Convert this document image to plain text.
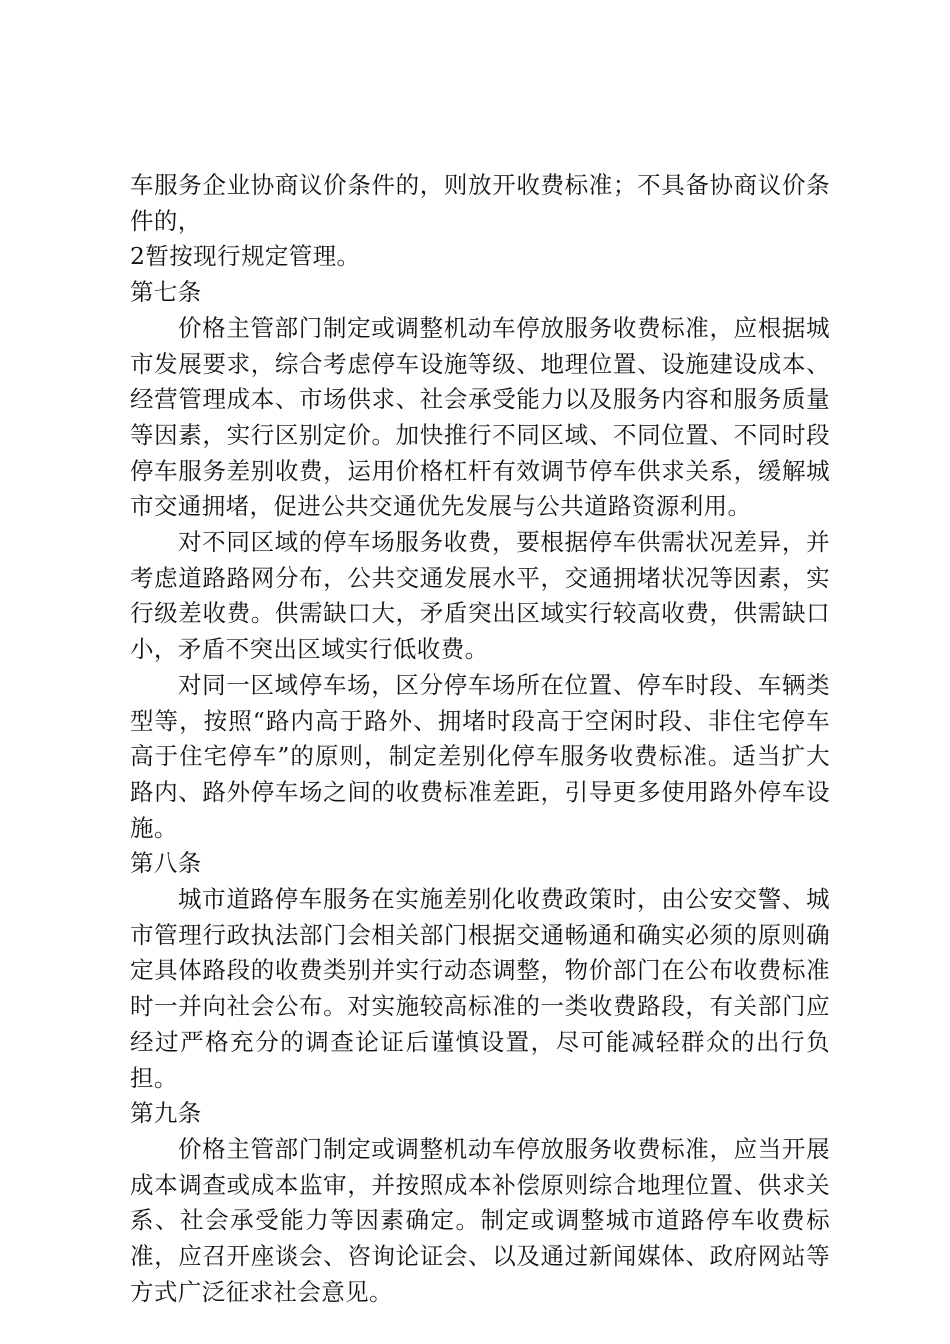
车服务企业协商议价条件的，则放开收费标准；不具备协商议价条件的，

2暂按现行规定管理。

第七条

价格主管部门制定或调整机动车停放服务收费标准，应根据城市发展要求，综合考虑停车设施等级、地理位置、设施建设成本、经营管理成本、市场供求、社会承受能力以及服务内容和服务质量等因素，实行区别定价。加快推行不同区域、不同位置、不同时段停车服务差别收费，运用价格杠杆有效调节停车供求关系，缓解城市交通拥堵，促进公共交通优先发展与公共道路资源利用。

对不同区域的停车场服务收费，要根据停车供需状况差异，并考虑道路路网分布，公共交通发展水平，交通拥堵状况等因素，实行级差收费。供需缺口大，矛盾突出区域实行较高收费，供需缺口小，矛盾不突出区域实行低收费。

对同一区域停车场，区分停车场所在位置、停车时段、车辆类型等，按照“路内高于路外、拥堵时段高于空闲时段、非住宅停车高于住宅停车”的原则，制定差别化停车服务收费标准。适当扩大路内、路外停车场之间的收费标准差距，引导更多使用路外停车设施。

第八条

城市道路停车服务在实施差别化收费政策时，由公安交警、城市管理行政执法部门会相关部门根据交通畅通和确实必须的原则确定具体路段的收费类别并实行动态调整，物价部门在公布收费标准时一并向社会公布。对实施较高标准的一类收费路段，有关部门应经过严格充分的调查论证后谨慎设置，尽可能减轻群众的出行负担。

第九条

价格主管部门制定或调整机动车停放服务收费标准，应当开展成本调查或成本监审，并按照成本补偿原则综合地理位置、供求关系、社会承受能力等因素确定。制定或调整城市道路停车收费标准，应召开座谈会、咨询论证会、以及通过新闻媒体、政府网站等方式广泛征求社会意见。
